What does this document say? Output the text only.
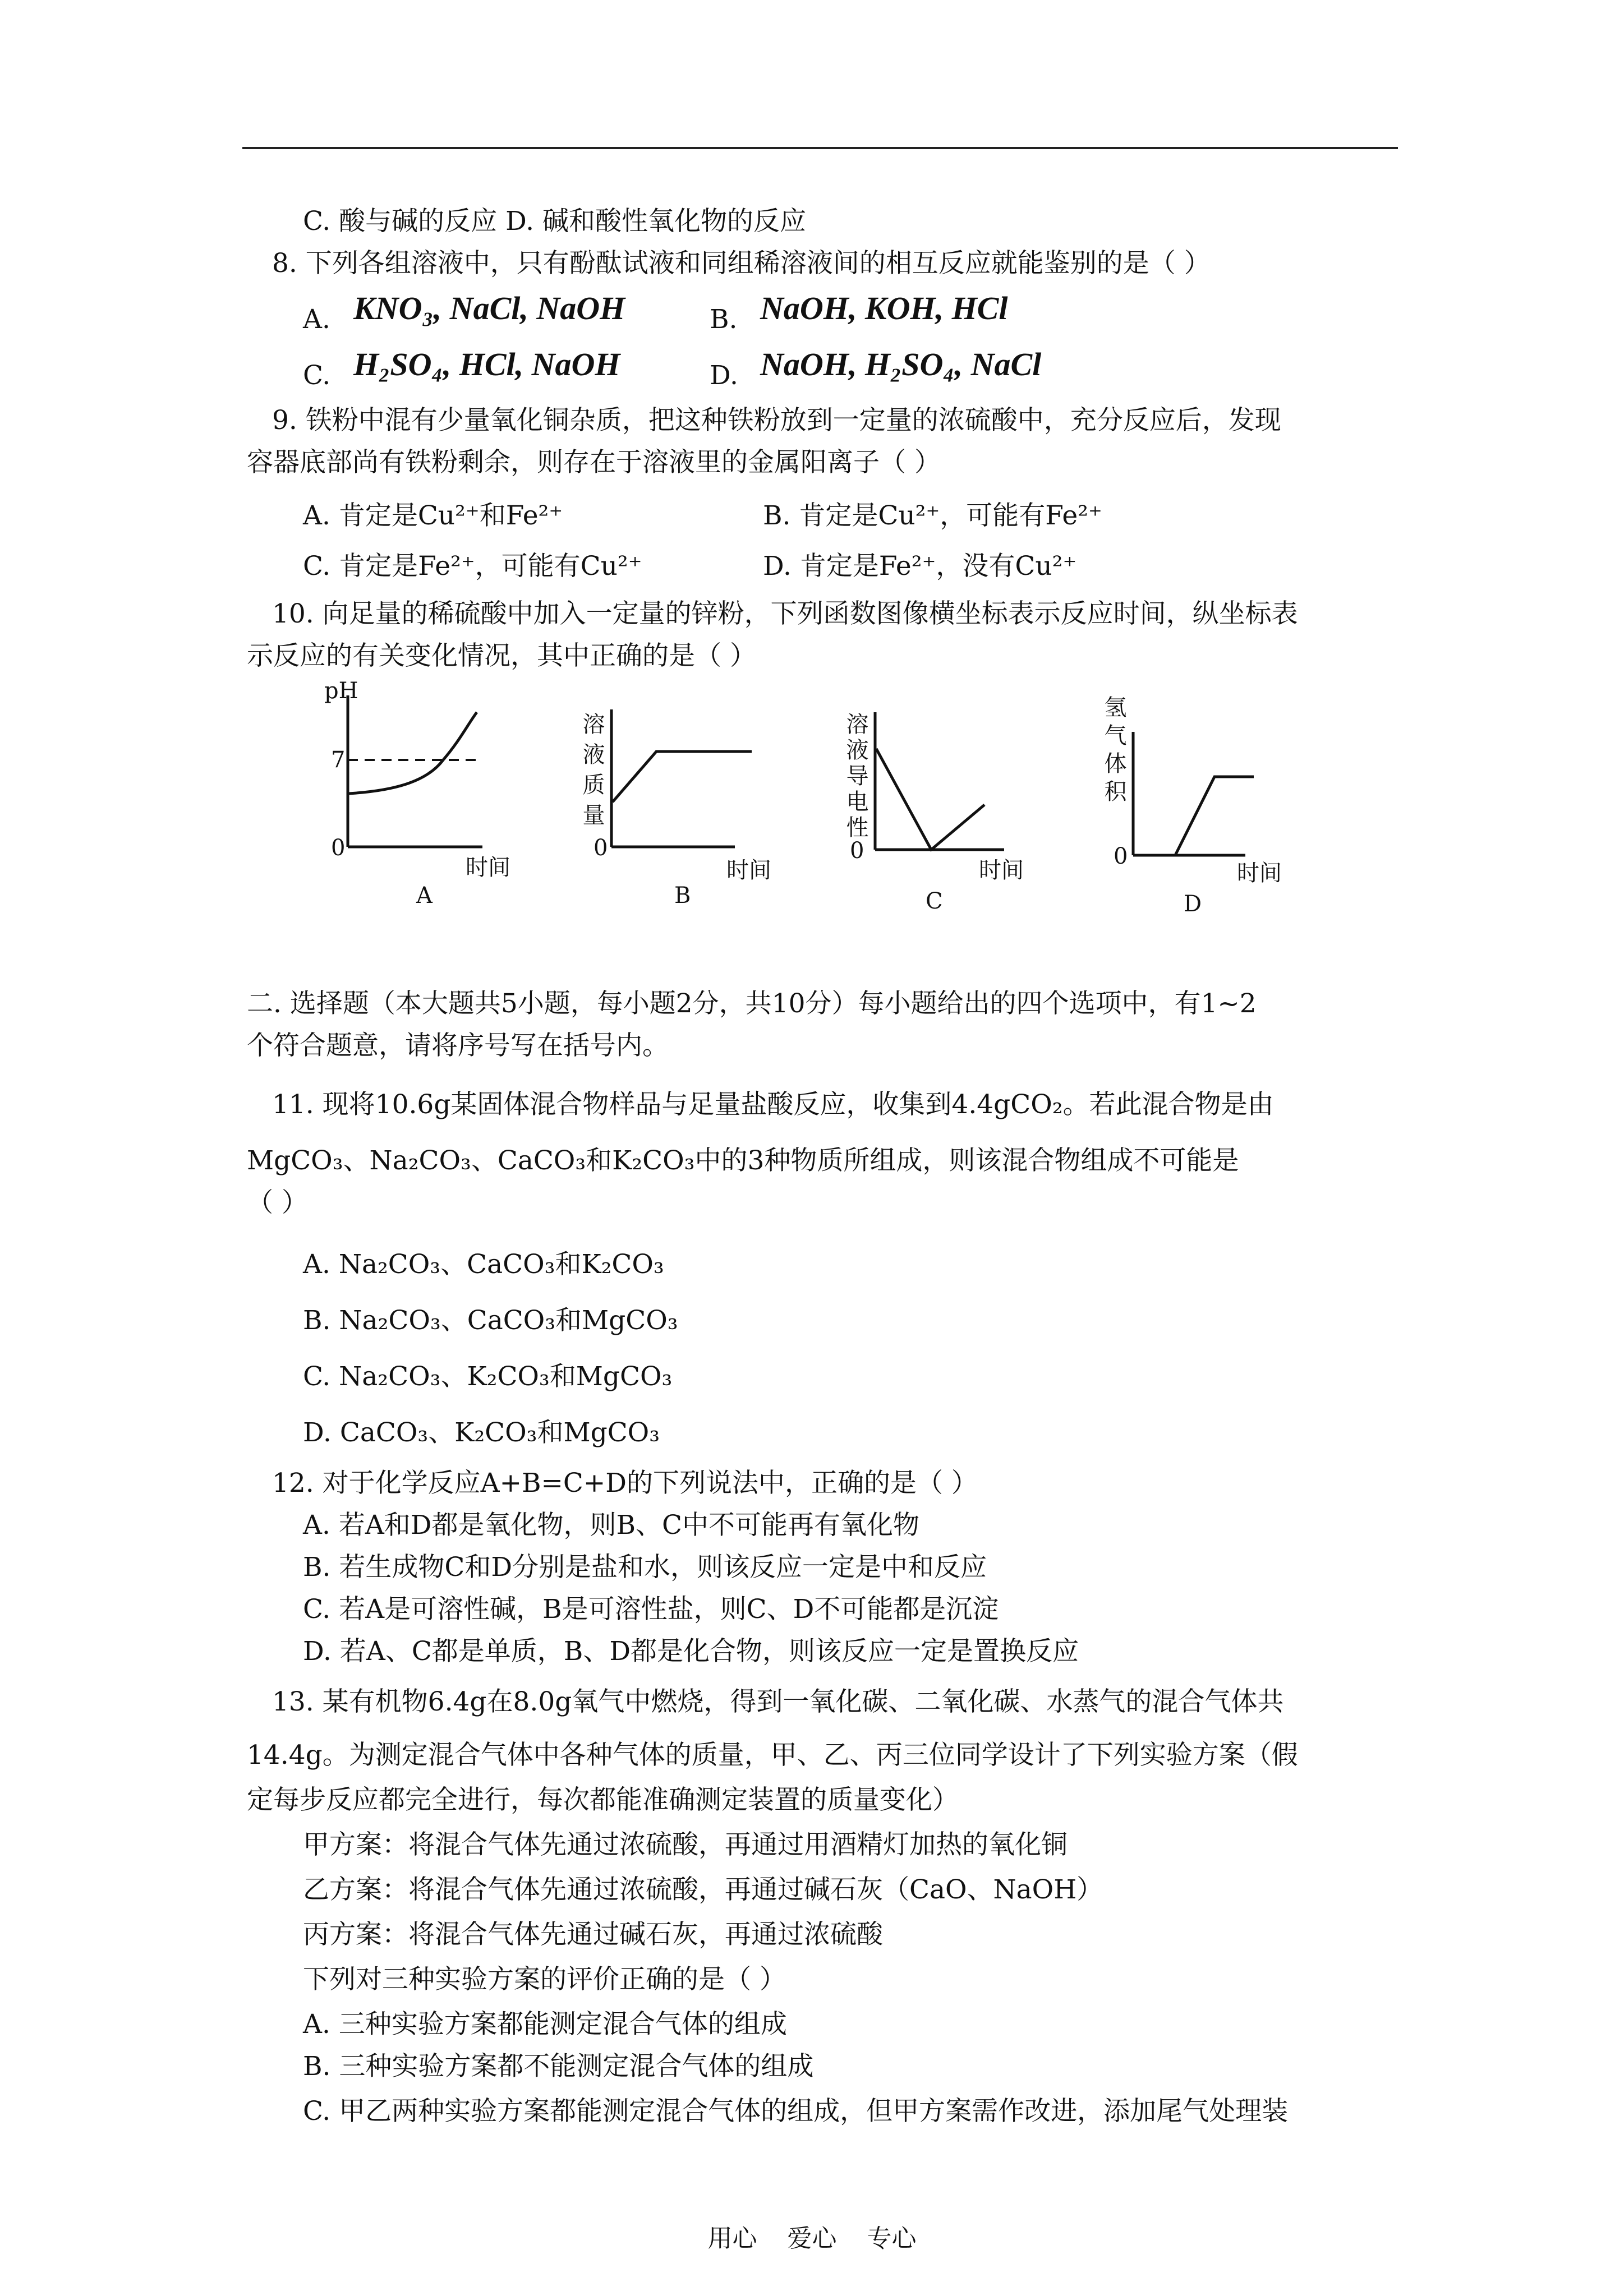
C. 酸与碱的反应 D. 碱和酸性氧化物的反应
8. 下列各组溶液中，只有酚酞试液和同组稀溶液间的相互反应就能鉴别的是（ ）
A. KNO₃, NaCl, NaOH	B. NaOH, KOH, HCl
C. H₂SO₄, HCl, NaOH	D. NaOH, H₂SO₄, NaCl
9. 铁粉中混有少量氧化铜杂质，把这种铁粉放到一定量的浓硫酸中，充分反应后，发现
容器底部尚有铁粉剩余，则存在于溶液里的金属阳离子（ ）
A. 肯定是Cu²⁺和Fe²⁺	B. 肯定是Cu²⁺，可能有Fe²⁺
C. 肯定是Fe²⁺，可能有Cu²⁺	D. 肯定是Fe²⁺，没有Cu²⁺
10. 向足量的稀硫酸中加入一定量的锌粉，下列函数图像横坐标表示反应时间，纵坐标表
示反应的有关变化情况，其中正确的是（ ）
二. 选择题（本大题共5小题，每小题2分，共10分）每小题给出的四个选项中，有1~2
个符合题意，请将序号写在括号内。
11. 现将10.6g某固体混合物样品与足量盐酸反应，收集到4.4gCO₂。若此混合物是由
MgCO₃、Na₂CO₃、CaCO₃和K₂CO₃中的3种物质所组成，则该混合物组成不可能是
（ ）
A. Na₂CO₃、CaCO₃和K₂CO₃
B. Na₂CO₃、CaCO₃和MgCO₃
C. Na₂CO₃、K₂CO₃和MgCO₃
D. CaCO₃、K₂CO₃和MgCO₃
12. 对于化学反应A+B=C+D的下列说法中，正确的是（ ）
A. 若A和D都是氧化物，则B、C中不可能再有氧化物
B. 若生成物C和D分别是盐和水，则该反应一定是中和反应
C. 若A是可溶性碱，B是可溶性盐，则C、D不可能都是沉淀
D. 若A、C都是单质，B、D都是化合物，则该反应一定是置换反应
13. 某有机物6.4g在8.0g氧气中燃烧，得到一氧化碳、二氧化碳、水蒸气的混合气体共
14.4g。为测定混合气体中各种气体的质量，甲、乙、丙三位同学设计了下列实验方案（假
定每步反应都完全进行，每次都能准确测定装置的质量变化）
甲方案：将混合气体先通过浓硫酸，再通过用酒精灯加热的氧化铜
乙方案：将混合气体先通过浓硫酸，再通过碱石灰（CaO、NaOH）
丙方案：将混合气体先通过碱石灰，再通过浓硫酸
下列对三种实验方案的评价正确的是（ ）
A. 三种实验方案都能测定混合气体的组成
B. 三种实验方案都不能测定混合气体的组成
C. 甲乙两种实验方案都能测定混合气体的组成，但甲方案需作改进，添加尾气处理装
pH
7
0
时间
A
溶液质量
0
时间
B
溶液导电性
0
时间
C
氢气体积
0
时间
D
用心 爱心 专心
